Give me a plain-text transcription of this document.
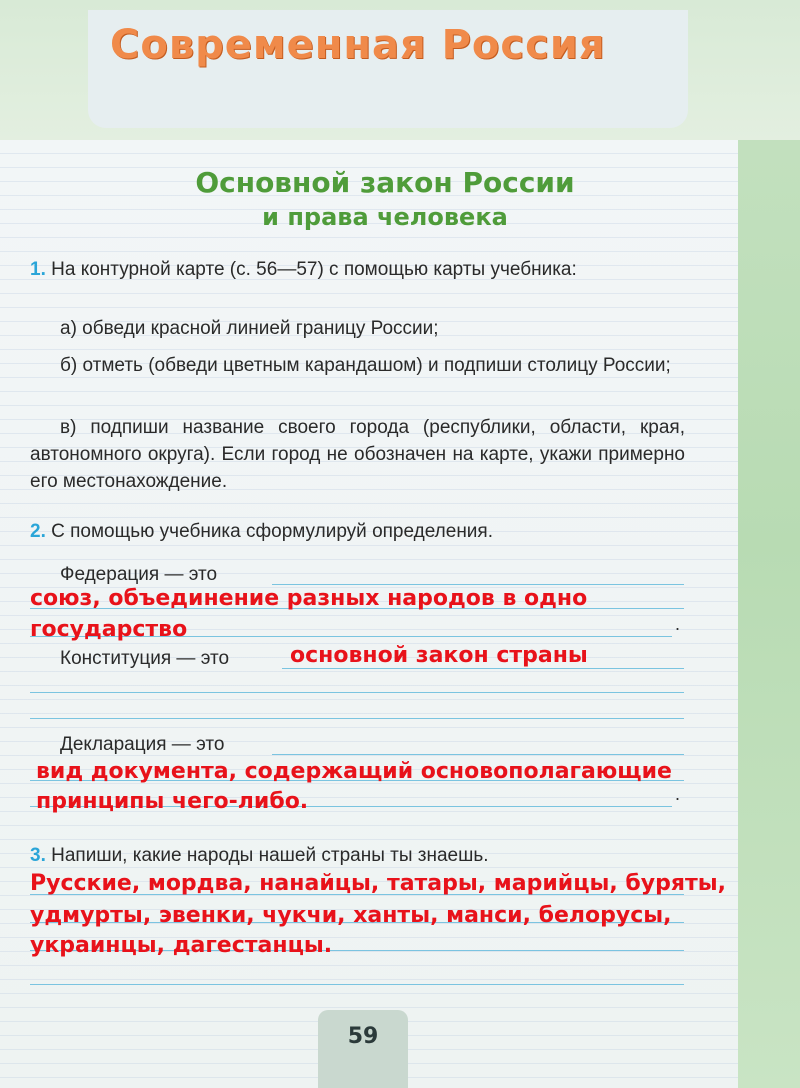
Современная Россия
Основной закон России
и права человека
1. На контурной карте (с. 56—57) с помощью карты учебника:
а) обведи красной линией границу России;
б) отметь (обведи цветным карандашом) и подпиши столицу России;
в) подпиши название своего города (республики, области, края, автономного округа). Если город не обозначен на карте, укажи примерно его местонахождение.
2. С помощью учебника сформулируй определения.
Федерация — это
.
союз, объединение разных народов в одно
государство
Конституция — это	основной закон страны
Декларация — это
.
вид документа, содержащий основополагающие
принципы чего-либо.
3. Напиши, какие народы нашей страны ты знаешь.
Русские, мордва, нанайцы, татары, марийцы, буряты,
удмурты, эвенки, чукчи, ханты, манси, белорусы,
украинцы, дагестанцы.
59
